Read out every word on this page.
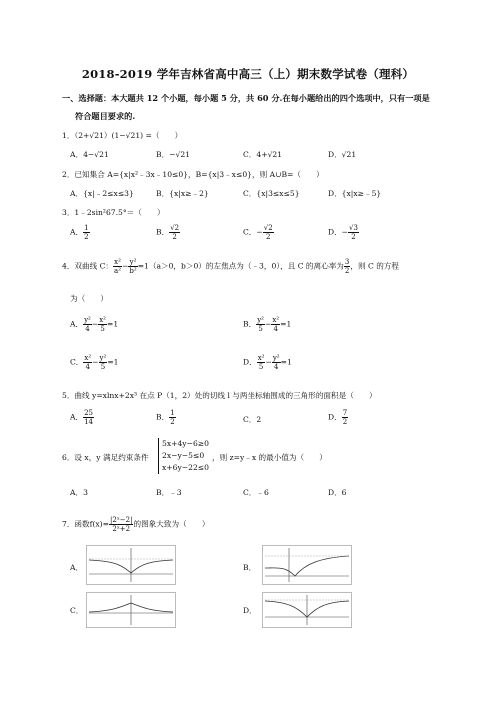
2018-2019 学年吉林省高中高三（上）期末数学试卷（理科）
一、选择题：本大题共 12 个小题，每小题 5 分，共 60 分.在每小题给出的四个选项中，只有一项是
符合题目要求的.
1．（2+√21）(1−√21) =（　　）
A．4−√21	B．−√21	C．4+√21	D．√21
2．已知集合 A={x|x²﹣3x﹣10≤0}，B={x|3﹣x≤0}，则 A∪B=（　　）
A．{x|﹣2≤x≤3}	B．{x|x≥﹣2}	C．{x|3≤x≤5}	D．{x|x≥﹣5}
3．1﹣2sin²67.5°＝（　　）
A． $\frac{1}{2}$	B． $\frac{√2}{2}$	C．− $\frac{√2}{2}$	D．− $\frac{√3}{2}$
4．双曲线 C： $\frac{\text{x²}}{\text{a²}} - \frac{\text{y²}}{\text{b²}} =1(a>0$，b＞0）的左焦点为（﹣3，0），且 C 的离心率为 $\frac{3}{2}$ ，则 C 的方程
为（　　）
A． $\frac{\text{y²}}{4} - \frac{\text{x²}}{5} =1$	B． $\frac{\text{y²}}{5} - \frac{\text{x²}}{4} =1$
C． $\frac{\text{x²}}{4} - \frac{\text{y²}}{5} =1$	D． $\frac{\text{x²}}{5} - \frac{\text{y²}}{4} =1$
5．曲线 y=xlnx+2x³ 在点 P（1，2）处的切线 l 与两坐标轴围成的三角形的面积是（　　）
A． $\frac{25}{14}$	B． $\frac{1}{2}$	C．2	D． $\frac{7}{2}$
6．设 x，y 满足约束条件
5x+4y−6≥0
2x−y−5≤0
x+6y−22≤0
，则 z=y﹣x 的最小值为（　　）
A．3	B．﹣3	C．﹣6	D．6
7．函数$f(x)= \frac{\text{|2ˣ−2|}}{\text{2ˣ+2}}$ 的图象大致为（　　）
A．	B．
C．	D．
